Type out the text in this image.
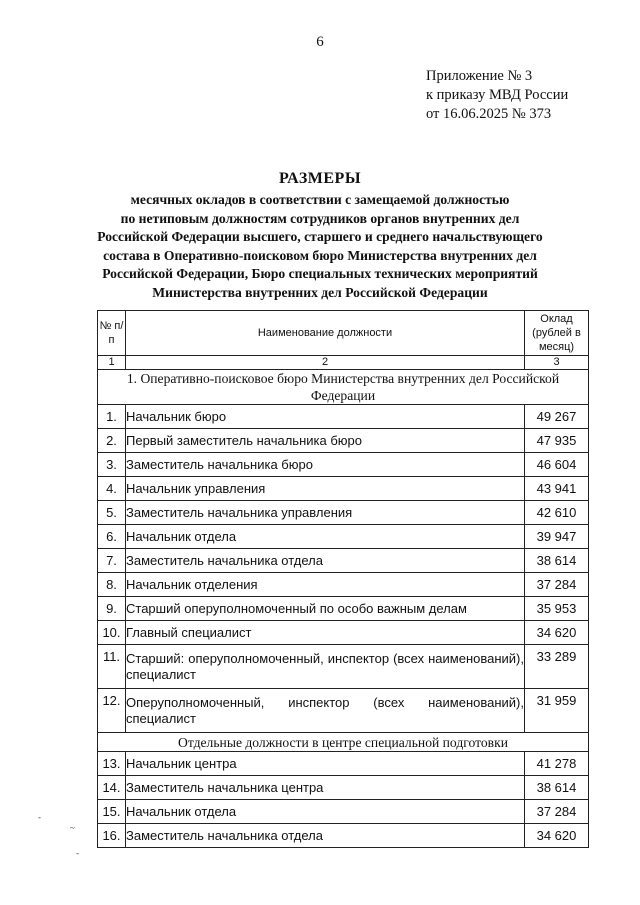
6
Приложение № 3
к приказу МВД России
от 16.06.2025 № 373
РАЗМЕРЫ
месячных окладов в соответствии с замещаемой должностью
по нетиповым должностям сотрудников органов внутренних дел
Российской Федерации высшего, старшего и среднего начальствующего
состава в Оперативно-поисковом бюро Министерства внутренних дел
Российской Федерации, Бюро специальных технических мероприятий
Министерства внутренних дел Российской Федерации
№ п/п	Наименование должности	Оклад (рублей в месяц)
1	2	3
1. Оперативно-поисковое бюро Министерства внутренних дел Российской Федерации		
1.	Начальник бюро	49 267
2.	Первый заместитель начальника бюро	47 935
3.	Заместитель начальника бюро	46 604
4.	Начальник управления	43 941
5.	Заместитель начальника управления	42 610
6.	Начальник отдела	39 947
7.	Заместитель начальника отдела	38 614
8.	Начальник отделения	37 284
9.	Старший оперуполномоченный по особо важным делам	35 953
10.	Главный специалист	34 620
11.	Старший: оперуполномоченный, инспектор (всех наименований), специалист	33 289
12.	Оперуполномоченный, инспектор (всех наименований), специалист	31 959
Отдельные должности в центре специальной подготовки		
13.	Начальник центра	41 278
14.	Заместитель начальника центра	38 614
15.	Начальник отдела	37 284
16.	Заместитель начальника отдела	34 620
-
~
-
